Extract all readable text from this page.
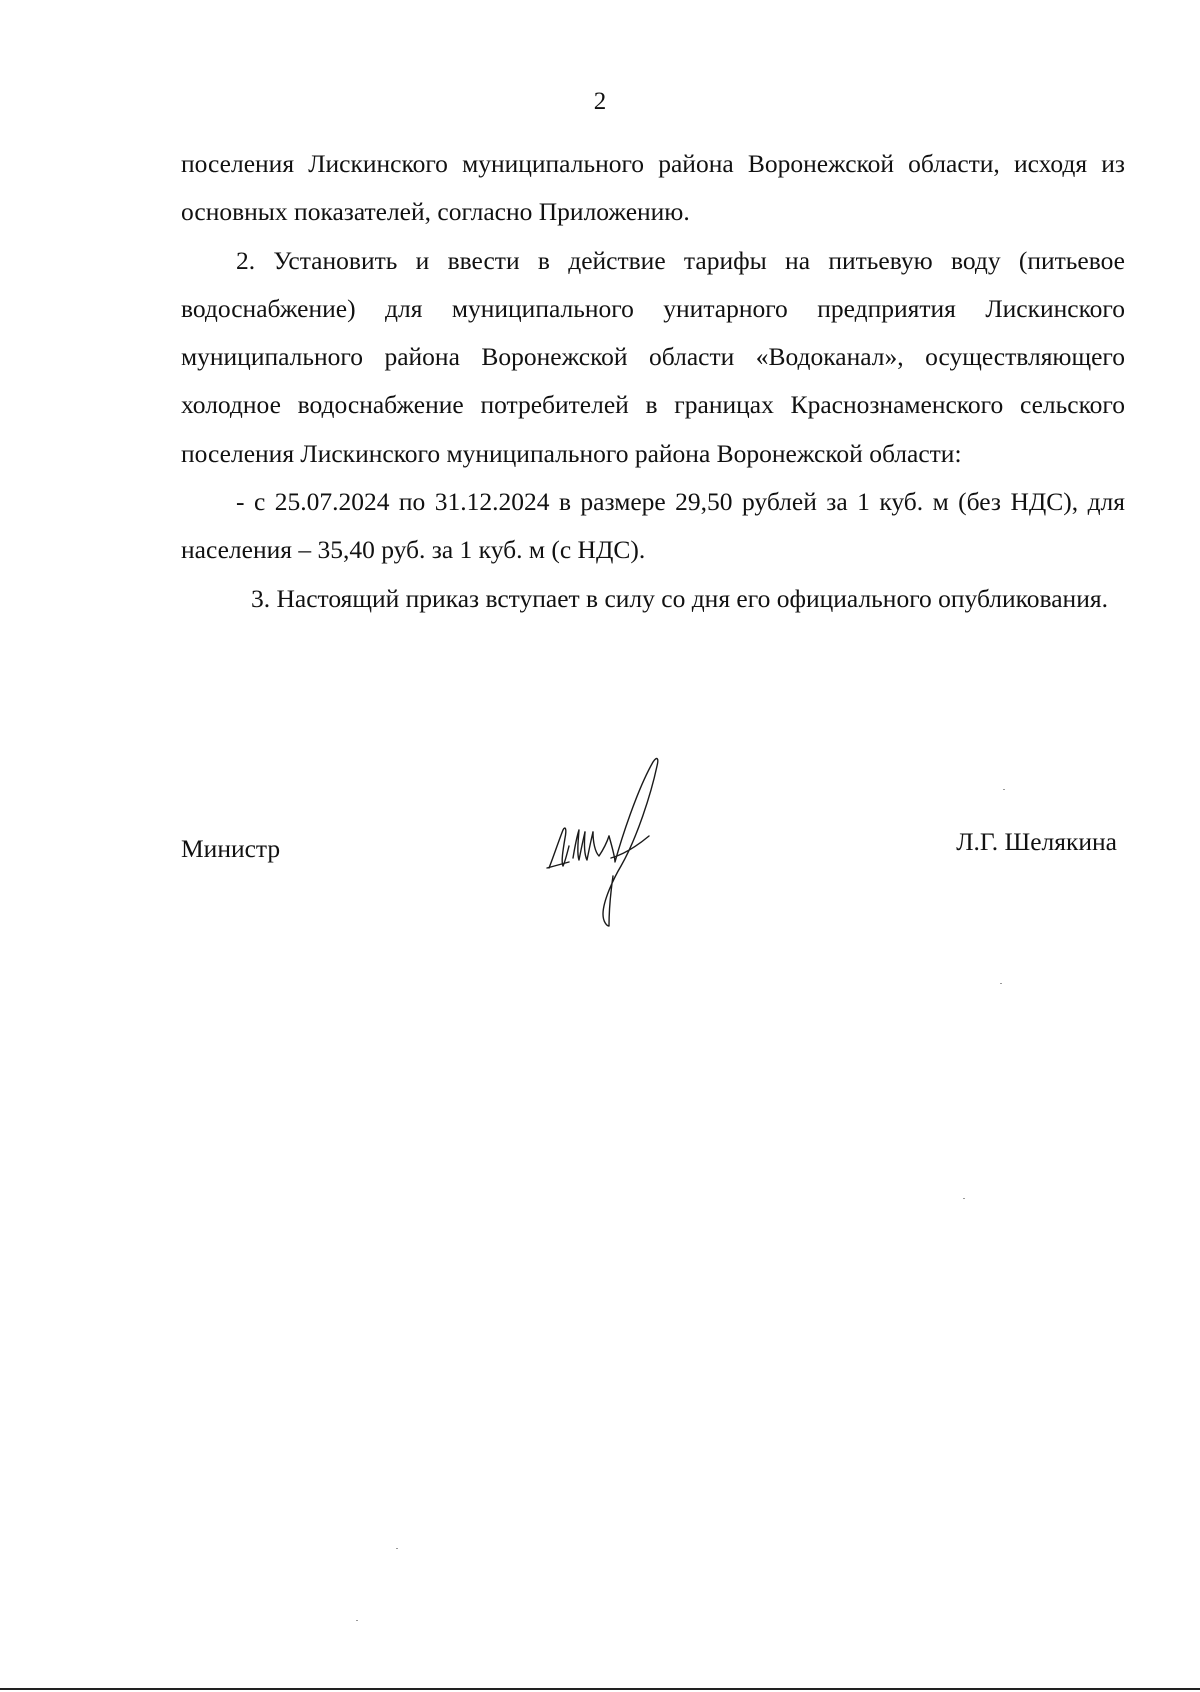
2

поселения Лискинского муниципального района Воронежской области, исходя из основных показателей, согласно Приложению.

2. Установить и ввести в действие тарифы на питьевую воду (питьевое водоснабжение) для муниципального унитарного предприятия Лискинского муниципального района Воронежской области «Водоканал», осуществляющего холодное водоснабжение потребителей в границах Краснознаменского сельского поселения Лискинского муниципального района Воронежской области:

- с 25.07.2024 по 31.12.2024 в размере 29,50 рублей за 1 куб. м (без НДС), для населения – 35,40 руб. за 1 куб. м (с НДС).

3. Настоящий приказ вступает в силу со дня его официального опубликования.

Министр	Л.Г. Шелякина
